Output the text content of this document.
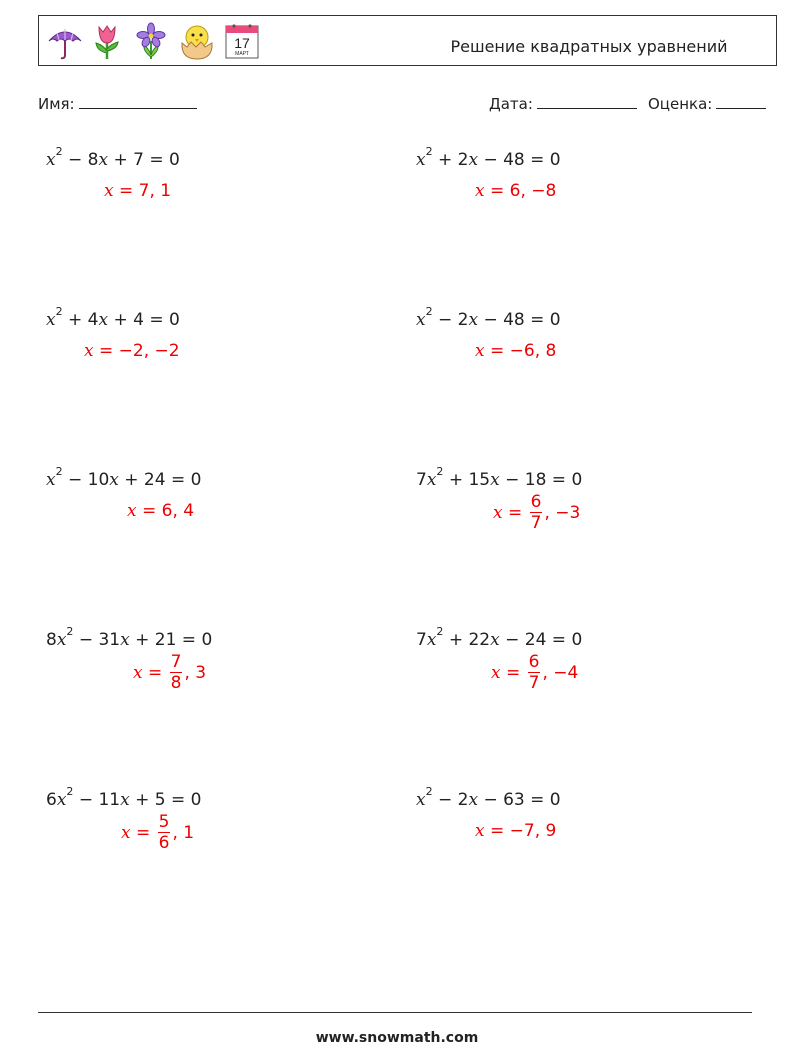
17
МАРТ	Решение квадратных уравнений
Имя:	Дата:	Оценка:
$x^2 - 8x + 7 = 0$
x = 7, 1
$x^2 + 2x - 48 = 0$
x = 6, −8
$x^2 + 4x + 4 = 0$
x = −2, −2
$x^2 - 2x - 48 = 0$
x = −6, 8
$x^2 - 10x + 24 = 0$
x = 6, 4
$7x^2 + 15x - 18 = 0$
$x = \frac{6}{7}$ , −3
$8x^2 - 31x + 21 = 0$
$x = \frac{7}{8}$ , 3
$7x^2 + 22x - 24 = 0$
$x = \frac{6}{7}$ , −4
$6x^2 - 11x + 5 = 0$
$x = \frac{5}{6}$ , 1
$x^2 - 2x - 63 = 0$
x = −7, 9
www.snowmath.com
